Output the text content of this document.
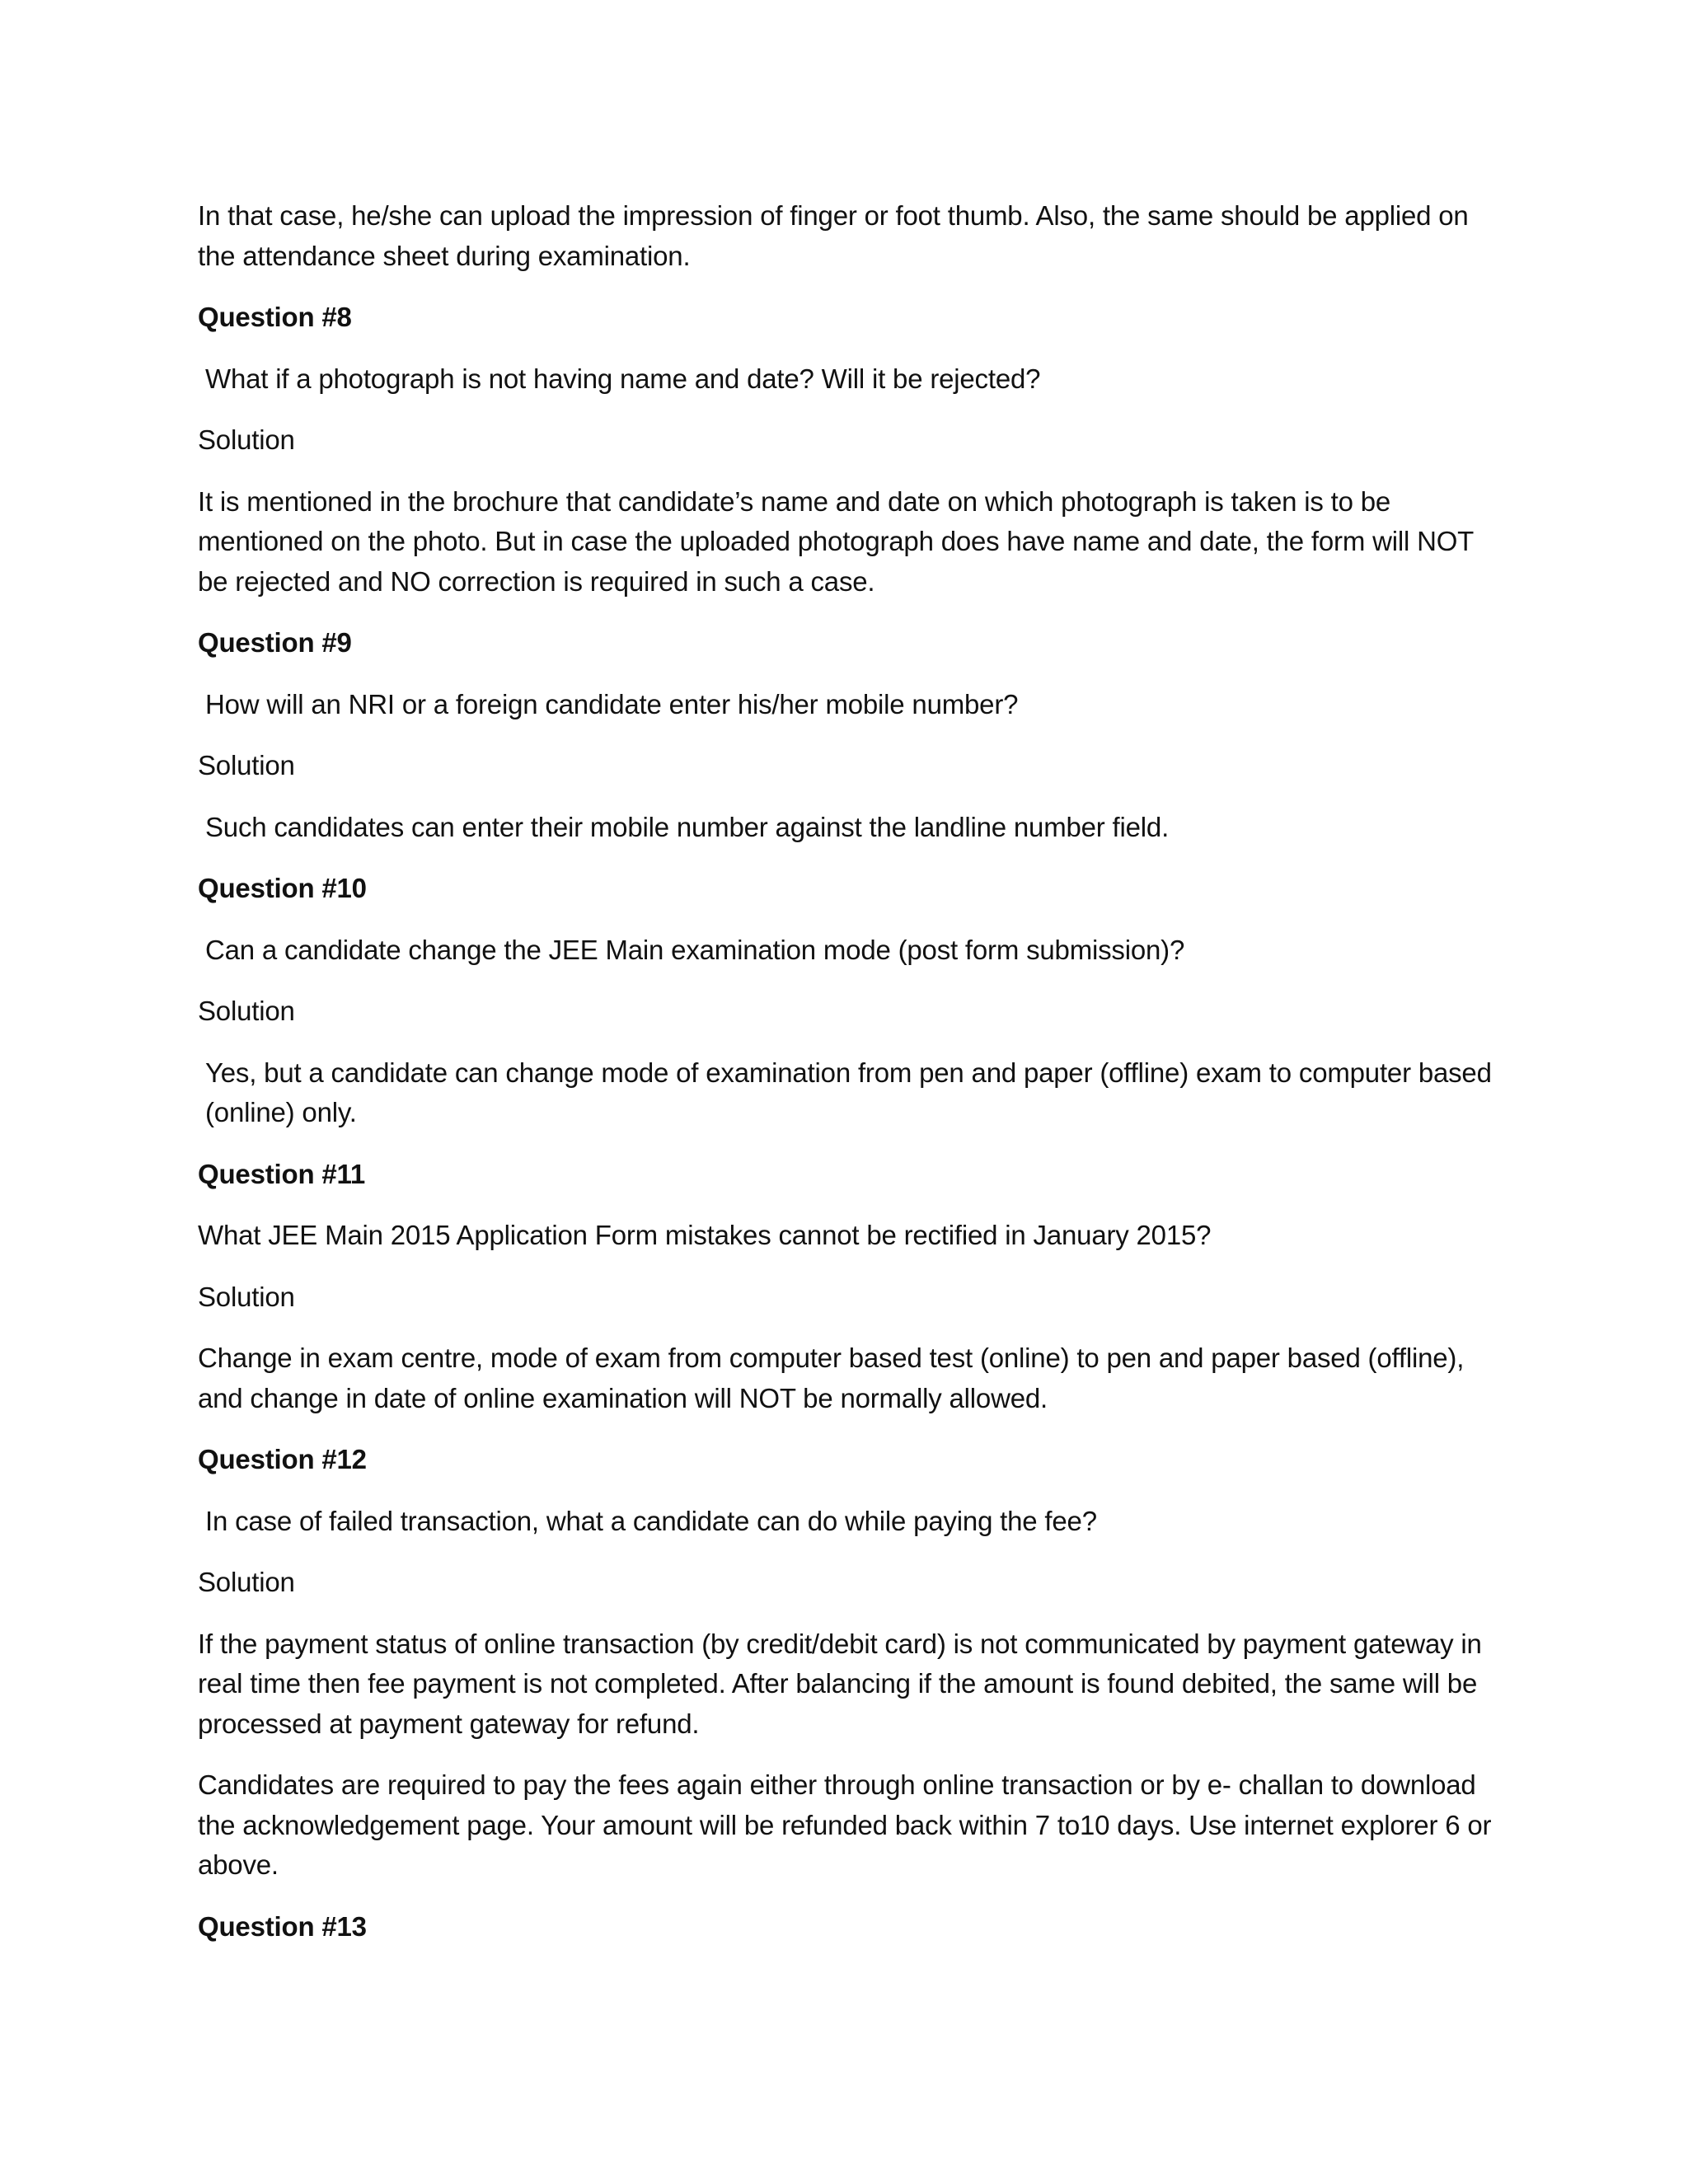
In that case, he/she can upload the impression of finger or foot thumb. Also, the same should be applied on the attendance sheet during examination.

Question #8

What if a photograph is not having name and date? Will it be rejected?

Solution

It is mentioned in the brochure that candidate’s name and date on which photograph is taken is to be mentioned on the photo. But in case the uploaded photograph does have name and date, the form will NOT be rejected and NO correction is required in such a case.

Question #9

How will an NRI or a foreign candidate enter his/her mobile number?

Solution

Such candidates can enter their mobile number against the landline number field.

Question #10

Can a candidate change the JEE Main examination mode (post form submission)?

Solution

Yes, but a candidate can change mode of examination from pen and paper (offline) exam to computer based (online) only.

Question #11

What JEE Main 2015 Application Form mistakes cannot be rectified in January 2015?

Solution

Change in exam centre, mode of exam from computer based test (online) to pen and paper based (offline), and change in date of online examination will NOT be normally allowed.

Question #12

In case of failed transaction, what a candidate can do while paying the fee?

Solution

If the payment status of online transaction (by credit/debit card) is not communicated by payment gateway in real time then fee payment is not completed. After balancing if the amount is found debited, the same will be processed at payment gateway for refund.

Candidates are required to pay the fees again either through online transaction or by e- challan to download the acknowledgement page. Your amount will be refunded back within 7 to10 days. Use internet explorer 6 or above.

Question #13
